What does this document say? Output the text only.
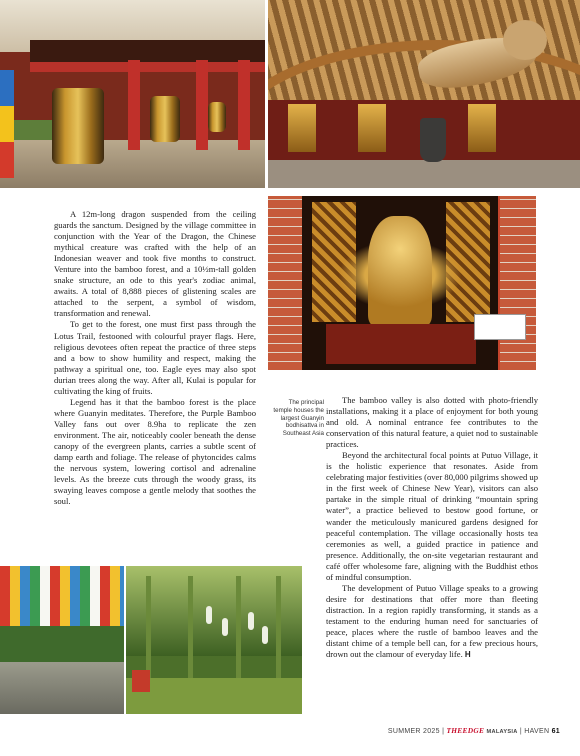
A 12m-long dragon suspended from the ceiling guards the sanctum. Designed by the village committee in conjunction with the Year of the Dragon, the Chinese mythical creature was crafted with the help of an Indonesian weaver and took five months to construct. Venture into the bamboo forest, and a 10½m-tall golden snake structure, an ode to this year's zodiac animal, awaits. A total of 8,888 pieces of glistening scales are attached to the serpent, a symbol of wisdom, transformation and renewal.

To get to the forest, one must first pass through the Lotus Trail, festooned with colourful prayer flags. Here, religious devotees often repeat the practice of three steps and a bow to show humility and respect, making the pathway a spiritual one, too. Eagle eyes may also spot durian trees along the way. After all, Kulai is popular for cultivating the king of fruits.

Legend has it that the bamboo forest is the place where Guanyin meditates. Therefore, the Purple Bamboo Valley fans out over 8.9ha to replicate the zen environment. The air, noticeably cooler beneath the dense canopy of the evergreen plants, carries a subtle scent of damp earth and foliage. The release of phytoncides calms the nervous system, lowering cortisol and adrenaline levels. As the breeze cuts through the woody grass, its swaying leaves compose a gentle melody that soothes the soul.

The principal temple houses the largest Guanyin bodhisattva in Southeast Asia

The bamboo valley is also dotted with photo-friendly installations, making it a place of enjoyment for both young and old. A nominal entrance fee contributes to the conservation of this natural feature, a quiet nod to sustainable practices.

Beyond the architectural focal points at Putuo Village, it is the holistic experience that resonates. Aside from celebrating major festivities (over 80,000 pilgrims showed up in the first week of Chinese New Year), visitors can also partake in the simple ritual of drinking “mountain spring water”, a practice believed to bestow good fortune, or wander the meticulously manicured gardens designed for peaceful contemplation. The village occasionally hosts tea ceremonies as well, a guided practice in patience and presence. Additionally, the on-site vegetarian restaurant and café offer wholesome fare, aligning with the Buddhist ethos of mindful consumption.

The development of Putuo Village speaks to a growing desire for destinations that offer more than fleeting distraction. In a region rapidly transforming, it stands as a testament to the enduring human need for sanctuaries of peace, places where the rustle of bamboo leaves and the distant chime of a temple bell can, for a few precious hours, drown out the clamour of everyday life. H

SUMMER 2025 | THEEDGE MALAYSIA | HAVEN 61
